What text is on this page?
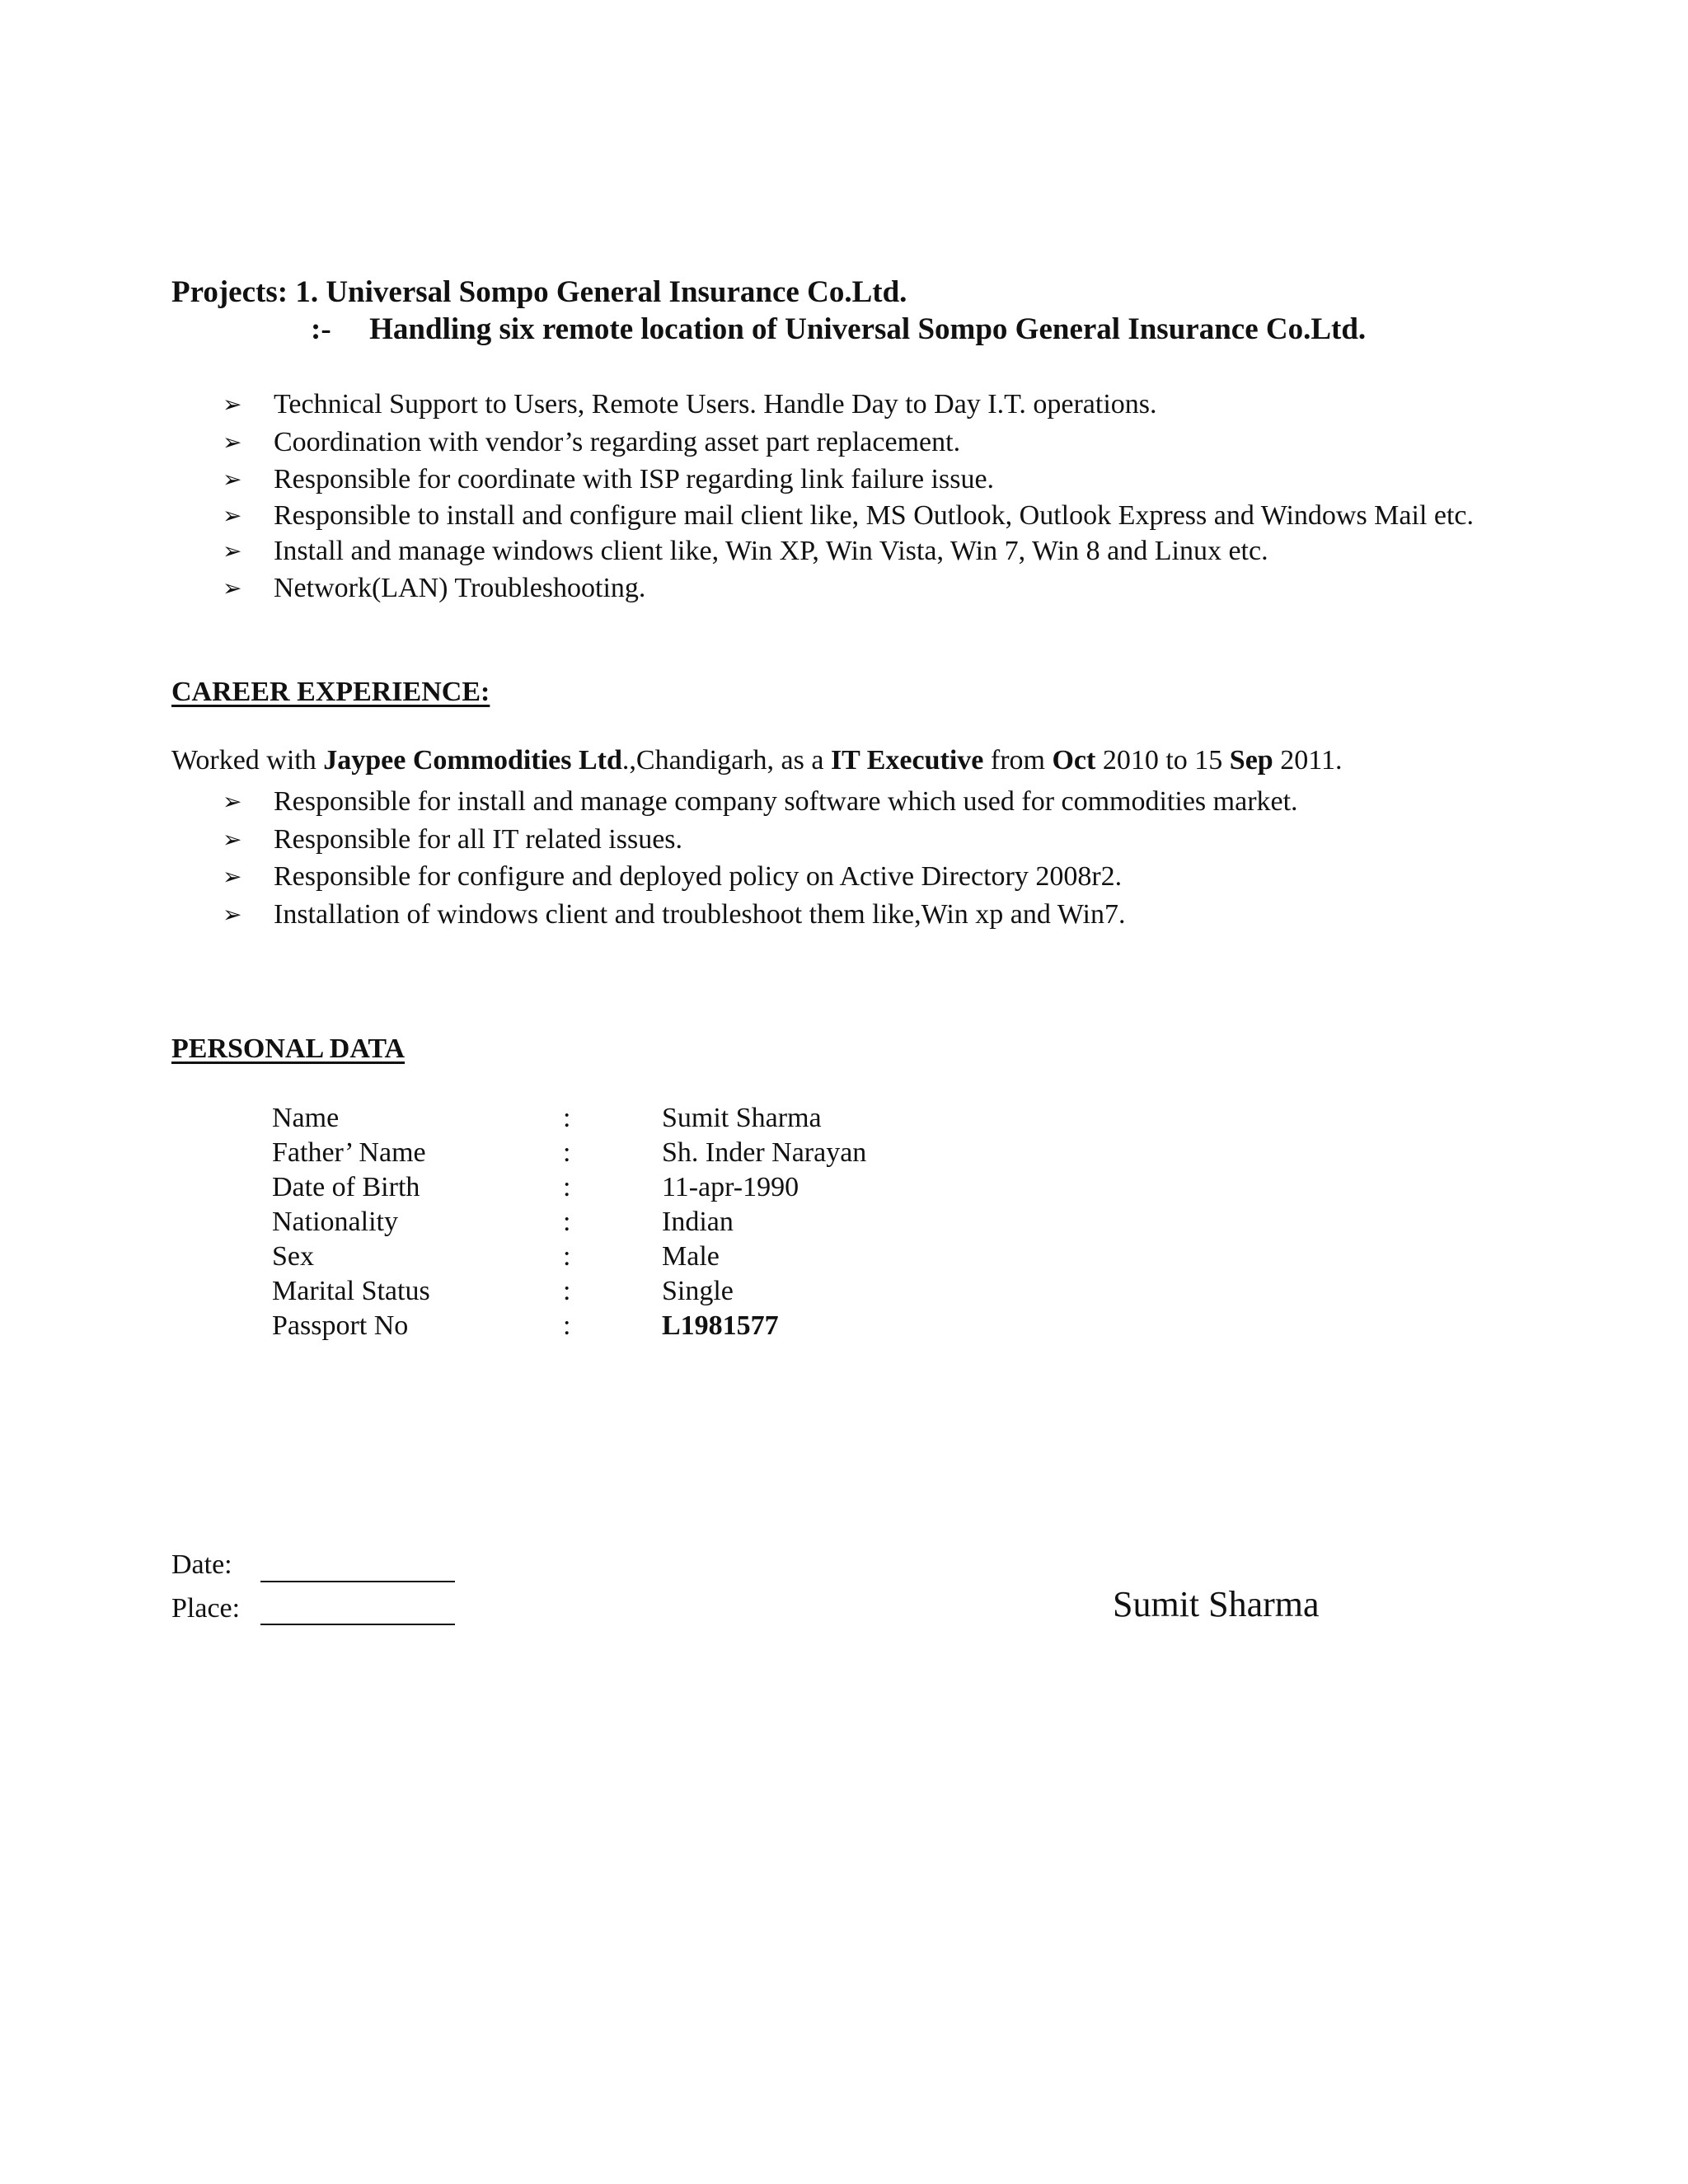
Projects: 1. Universal Sompo General Insurance Co.Ltd.
:- Handling six remote location of Universal Sompo General Insurance Co.Ltd.
➢ Technical Support to Users, Remote Users. Handle Day to Day I.T. operations.
➢ Coordination with vendor’s regarding asset part replacement.
➢ Responsible for coordinate with ISP regarding link failure issue.
➢ Responsible to install and configure mail client like, MS Outlook, Outlook Express and Windows Mail etc.
➢ Install and manage windows client like, Win XP, Win Vista, Win 7, Win 8 and Linux etc.
➢ Network(LAN) Troubleshooting.
CAREER EXPERIENCE:
Worked with Jaypee Commodities Ltd.,Chandigarh, as a IT Executive from Oct 2010 to 15 Sep 2011.
➢ Responsible for install and manage company software which used for commodities market.
➢ Responsible for all IT related issues.
➢ Responsible for configure and deployed policy on Active Directory 2008r2.
➢ Installation of windows client and troubleshoot them like,Win xp and Win7.
PERSONAL DATA
Name	:	Sumit Sharma
Father’ Name	:	Sh. Inder Narayan
Date of Birth	:	11-apr-1990
Nationality	:	Indian
Sex	:	Male
Marital Status	:	Single
Passport No	:	L1981577
Date:
Place:	Sumit Sharma
